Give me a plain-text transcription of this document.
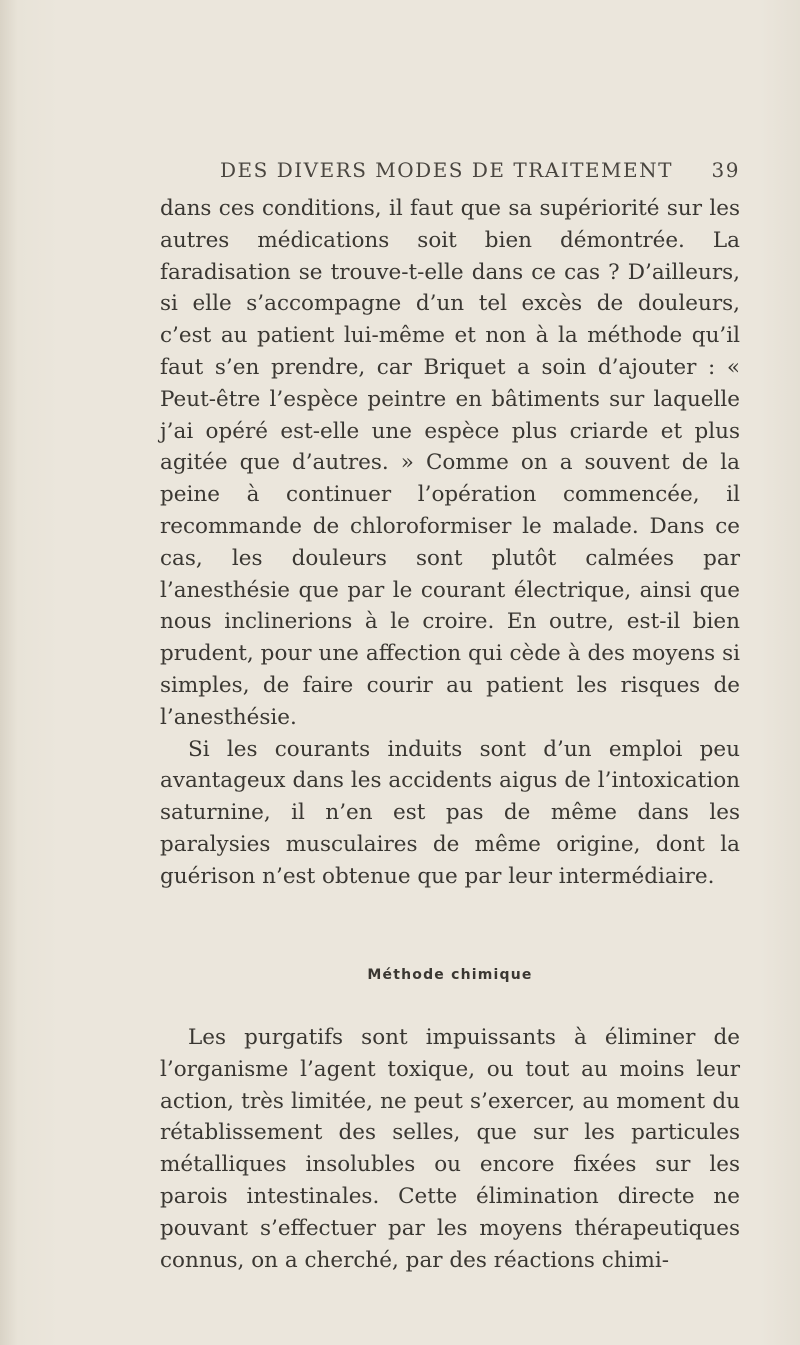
DES DIVERS MODES DE TRAITEMENT 39

dans ces conditions, il faut que sa supériorité sur les autres médications soit bien démontrée. La faradisation se trouve-t-elle dans ce cas ? D’ailleurs, si elle s’accompagne d’un tel excès de douleurs, c’est au patient lui-même et non à la méthode qu’il faut s’en prendre, car Briquet a soin d’ajouter : « Peut-être l’espèce peintre en bâtiments sur laquelle j’ai opéré est-elle une espèce plus criarde et plus agitée que d’autres. » Comme on a souvent de la peine à continuer l’opération commencée, il recommande de chloroformiser le malade. Dans ce cas, les douleurs sont plutôt calmées par l’anesthésie que par le courant électrique, ainsi que nous inclinerions à le croire. En outre, est-il bien prudent, pour une affection qui cède à des moyens si simples, de faire courir au patient les risques de l’anesthésie.

Si les courants induits sont d’un emploi peu avantageux dans les accidents aigus de l’intoxication saturnine, il n’en est pas de même dans les paralysies musculaires de même origine, dont la guérison n’est obtenue que par leur intermédiaire.

Méthode chimique

Les purgatifs sont impuissants à éliminer de l’organisme l’agent toxique, ou tout au moins leur action, très limitée, ne peut s’exercer, au moment du rétablissement des selles, que sur les particules métalliques insolubles ou encore fixées sur les parois intestinales. Cette élimination directe ne pouvant s’effectuer par les moyens thérapeutiques connus, on a cherché, par des réactions chimi-
